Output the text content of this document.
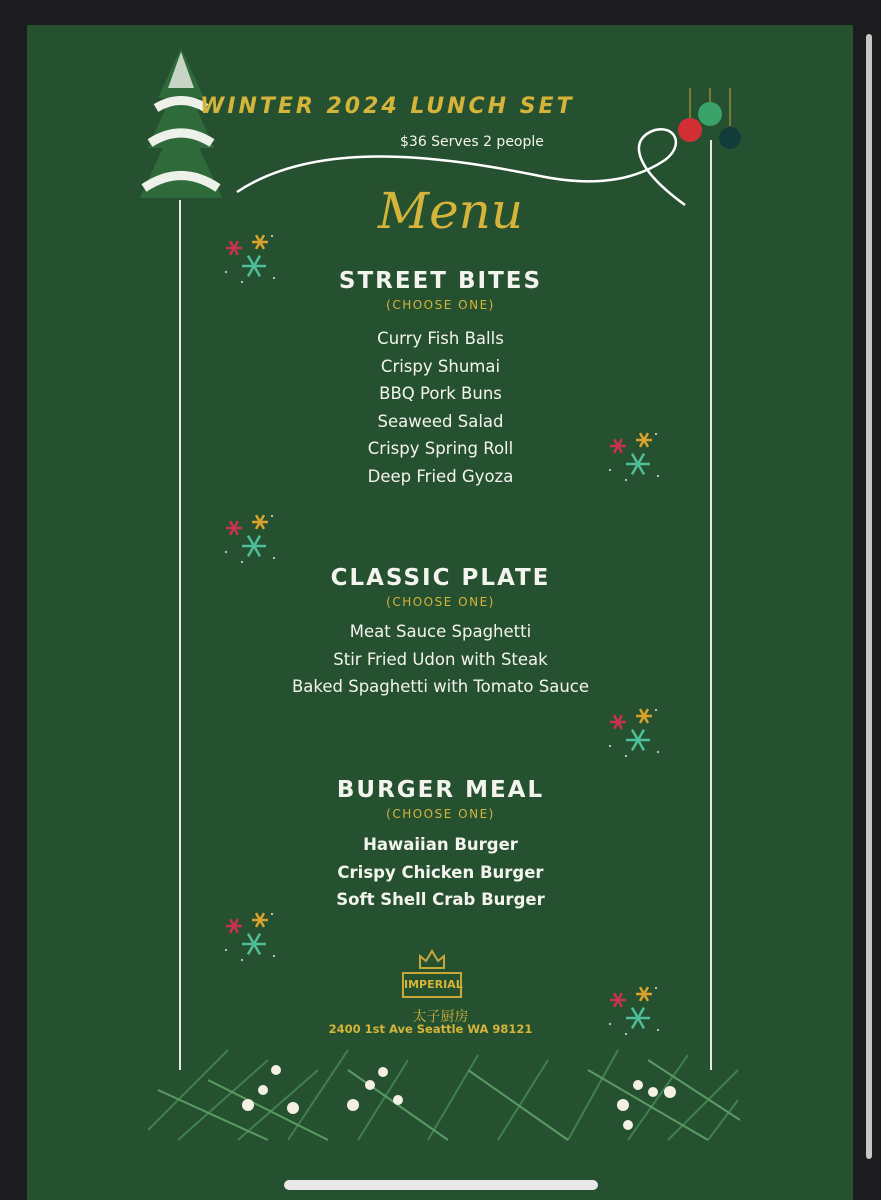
WINTER 2024 LUNCH SET
$36 Serves 2 people
Menu
STREET BITES
(CHOOSE ONE)
Curry Fish Balls
Crispy Shumai
BBQ Pork Buns
Seaweed Salad
Crispy Spring Roll
Deep Fried Gyoza
CLASSIC PLATE
(CHOOSE ONE)
Meat Sauce Spaghetti
Stir Fried Udon with Steak
Baked Spaghetti with Tomato Sauce
BURGER MEAL
(CHOOSE ONE)
Hawaiian Burger
Crispy Chicken Burger
Soft Shell Crab Burger
IMPERIAL
太子厨房
2400 1st Ave Seattle WA 98121
